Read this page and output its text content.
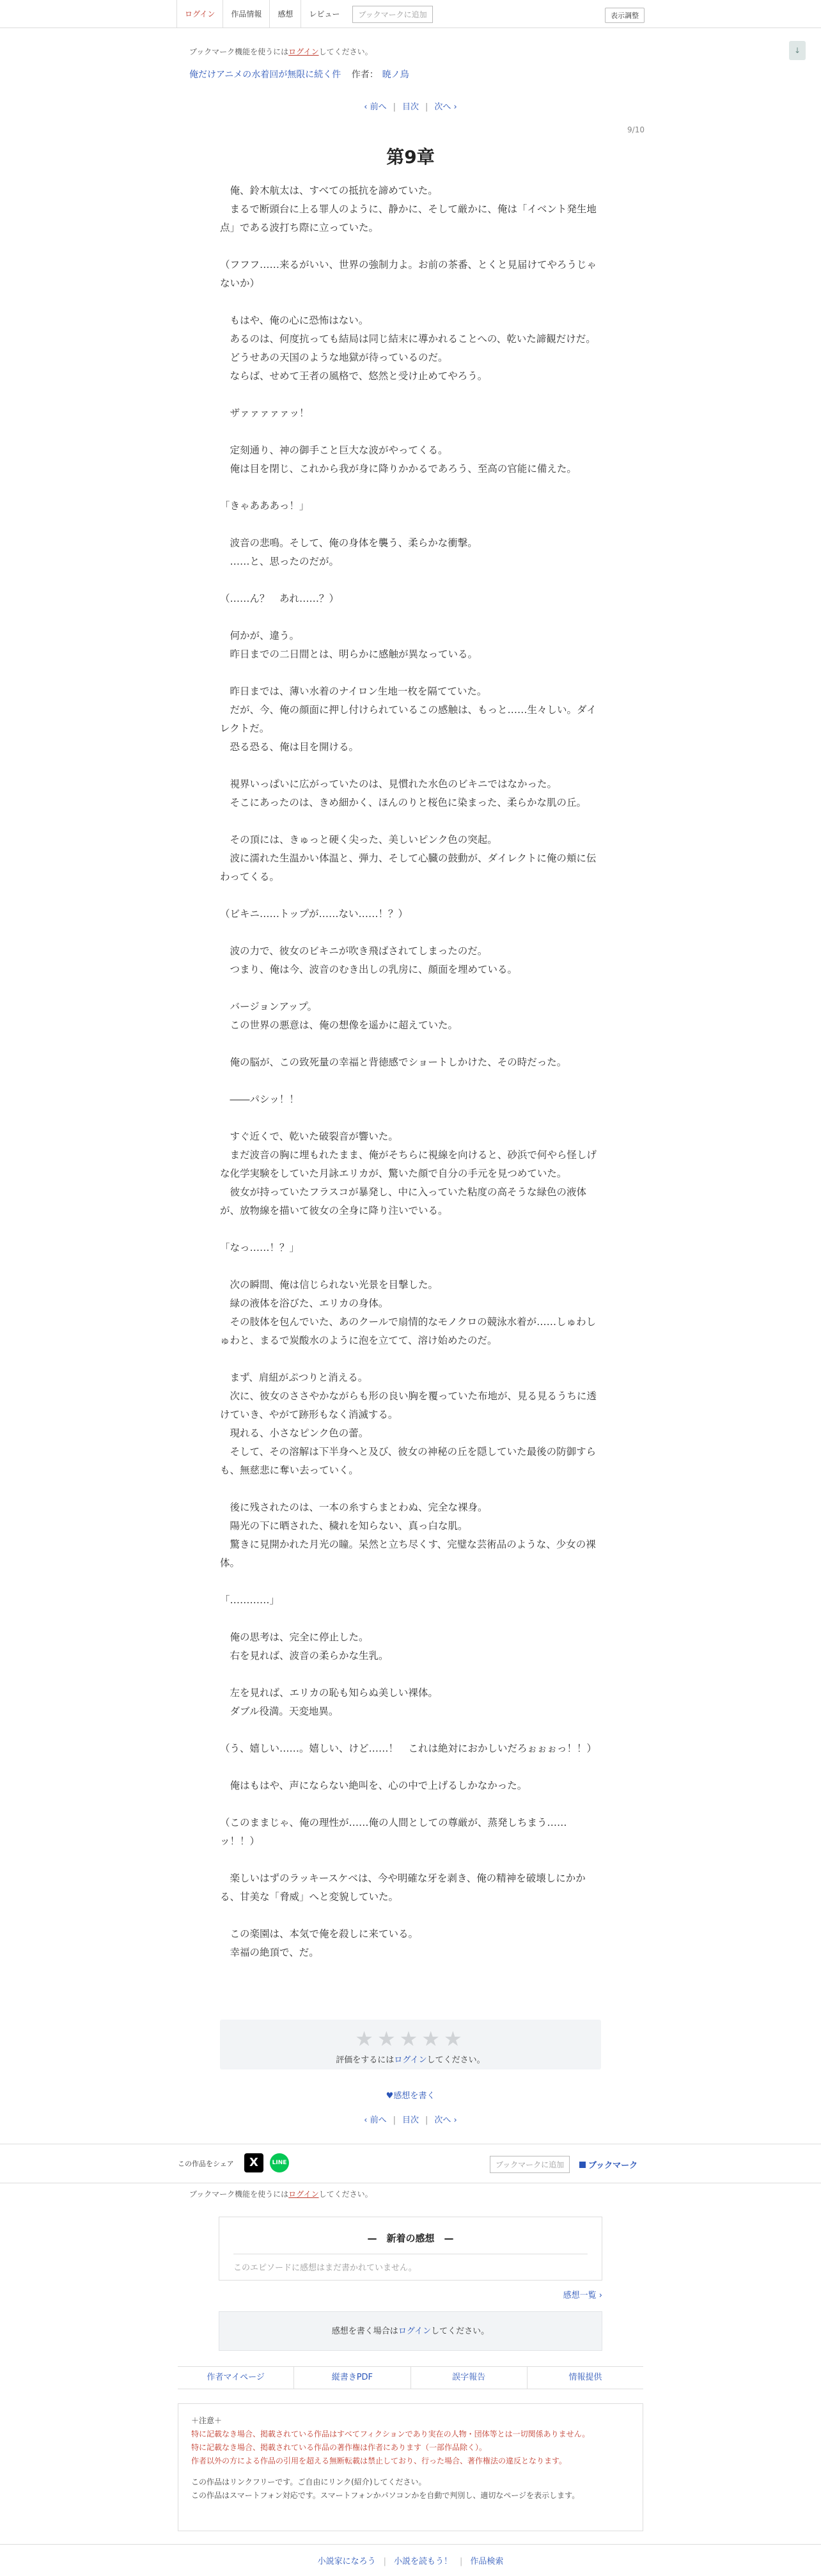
ログイン	作品情報	感想	レビュー	ブックマークに追加	表示調整
ブックマーク機能を使うにはログインしてください。	↓
俺だけアニメの水着回が無限に続く件 作者： 暁ノ鳥
‹ 前へ | 目次 | 次へ ›
9/10
第9章

　俺、鈴木航太は、すべての抵抗を諦めていた。

　まるで断頭台に上る罪人のように、静かに、そして厳かに、俺は「イベント発生地点」である波打ち際に立っていた。

（フフフ……来るがいい、世界の強制力よ。お前の茶番、とくと見届けてやろうじゃないか）

　もはや、俺の心に恐怖はない。

　あるのは、何度抗っても結局は同じ結末に導かれることへの、乾いた諦観だけだ。

　どうせあの天国のような地獄が待っているのだ。

　ならば、せめて王者の風格で、悠然と受け止めてやろう。

　ザァァァァァッ！

　定刻通り、神の御手こと巨大な波がやってくる。

　俺は目を閉じ、これから我が身に降りかかるであろう、至高の官能に備えた。

「きゃあああっ！」

　波音の悲鳴。そして、俺の身体を襲う、柔らかな衝撃。

　……と、思ったのだが。

（……ん？　あれ……？）

　何かが、違う。

　昨日までの二日間とは、明らかに感触が異なっている。

　昨日までは、薄い水着のナイロン生地一枚を隔てていた。

　だが、今、俺の顔面に押し付けられているこの感触は、もっと……生々しい。ダイレクトだ。

　恐る恐る、俺は目を開ける。

　視界いっぱいに広がっていたのは、見慣れた水色のビキニではなかった。

　そこにあったのは、きめ細かく、ほんのりと桜色に染まった、柔らかな肌の丘。

　その頂には、きゅっと硬く尖った、美しいピンク色の突起。

　波に濡れた生温かい体温と、弾力、そして心臓の鼓動が、ダイレクトに俺の頬に伝わってくる。

（ビキニ……トップが……ない……！？）

　波の力で、彼女のビキニが吹き飛ばされてしまったのだ。

　つまり、俺は今、波音のむき出しの乳房に、顔面を埋めている。

　バージョンアップ。

　この世界の悪意は、俺の想像を遥かに超えていた。

　俺の脳が、この致死量の幸福と背徳感でショートしかけた、その時だった。

　――パシッ！！

　すぐ近くで、乾いた破裂音が響いた。

　まだ波音の胸に埋もれたまま、俺がそちらに視線を向けると、砂浜で何やら怪しげな化学実験をしていた月詠エリカが、驚いた顔で自分の手元を見つめていた。

　彼女が持っていたフラスコが暴発し、中に入っていた粘度の高そうな緑色の液体が、放物線を描いて彼女の全身に降り注いでいる。

「なっ……！？」

　次の瞬間、俺は信じられない光景を目撃した。

　緑の液体を浴びた、エリカの身体。

　その肢体を包んでいた、あのクールで扇情的なモノクロの競泳水着が……しゅわしゅわと、まるで炭酸水のように泡を立てて、溶け始めたのだ。

　まず、肩紐がぷつりと消える。

　次に、彼女のささやかながらも形の良い胸を覆っていた布地が、見る見るうちに透けていき、やがて跡形もなく消滅する。

　現れる、小さなピンク色の蕾。

　そして、その溶解は下半身へと及び、彼女の神秘の丘を隠していた最後の防御すらも、無慈悲に奪い去っていく。

　後に残されたのは、一本の糸すらまとわぬ、完全な裸身。

　陽光の下に晒された、穢れを知らない、真っ白な肌。

　驚きに見開かれた月光の瞳。呆然と立ち尽くす、完璧な芸術品のような、少女の裸体。

「…………」

　俺の思考は、完全に停止した。

　右を見れば、波音の柔らかな生乳。

　左を見れば、エリカの恥も知らぬ美しい裸体。

　ダブル役満。天変地異。

（う、嬉しい……。嬉しい、けど……！　これは絶対におかしいだろぉぉぉっ！！）

　俺はもはや、声にならない絶叫を、心の中で上げるしかなかった。

（このままじゃ、俺の理性が……俺の人間としての尊厳が、蒸発しちまう……ッ！！）

　楽しいはずのラッキースケベは、今や明確な牙を剥き、俺の精神を破壊しにかかる、甘美な「脅威」へと変貌していた。

　この楽園は、本気で俺を殺しに来ている。

　幸福の絶頂で、だ。

★★★★★
評価をするにはログインしてください。
♥感想を書く
‹ 前へ | 目次 | 次へ ›
この作品をシェア	X	LINE	ブックマークに追加	ブックマーク
ブックマーク機能を使うにはログインしてください。
—　新着の感想　—
このエピソードに感想はまだ書かれていません。
感想一覧 ›
感想を書く場合はログインしてください。
作者マイページ	縦書きPDF	誤字報告	情報提供
＋注意＋
特に記載なき場合、掲載されている作品はすべてフィクションであり実在の人物・団体等とは一切関係ありません。
特に記載なき場合、掲載されている作品の著作権は作者にあります（一部作品除く）。
作者以外の方による作品の引用を超える無断転載は禁止しており、行った場合、著作権法の違反となります。
この作品はリンクフリーです。ご自由にリンク(紹介)してください。
この作品はスマートフォン対応です。スマートフォンかパソコンかを自動で判別し、適切なページを表示します。
小説家になろう | 小説を読もう！ | 作品検索
